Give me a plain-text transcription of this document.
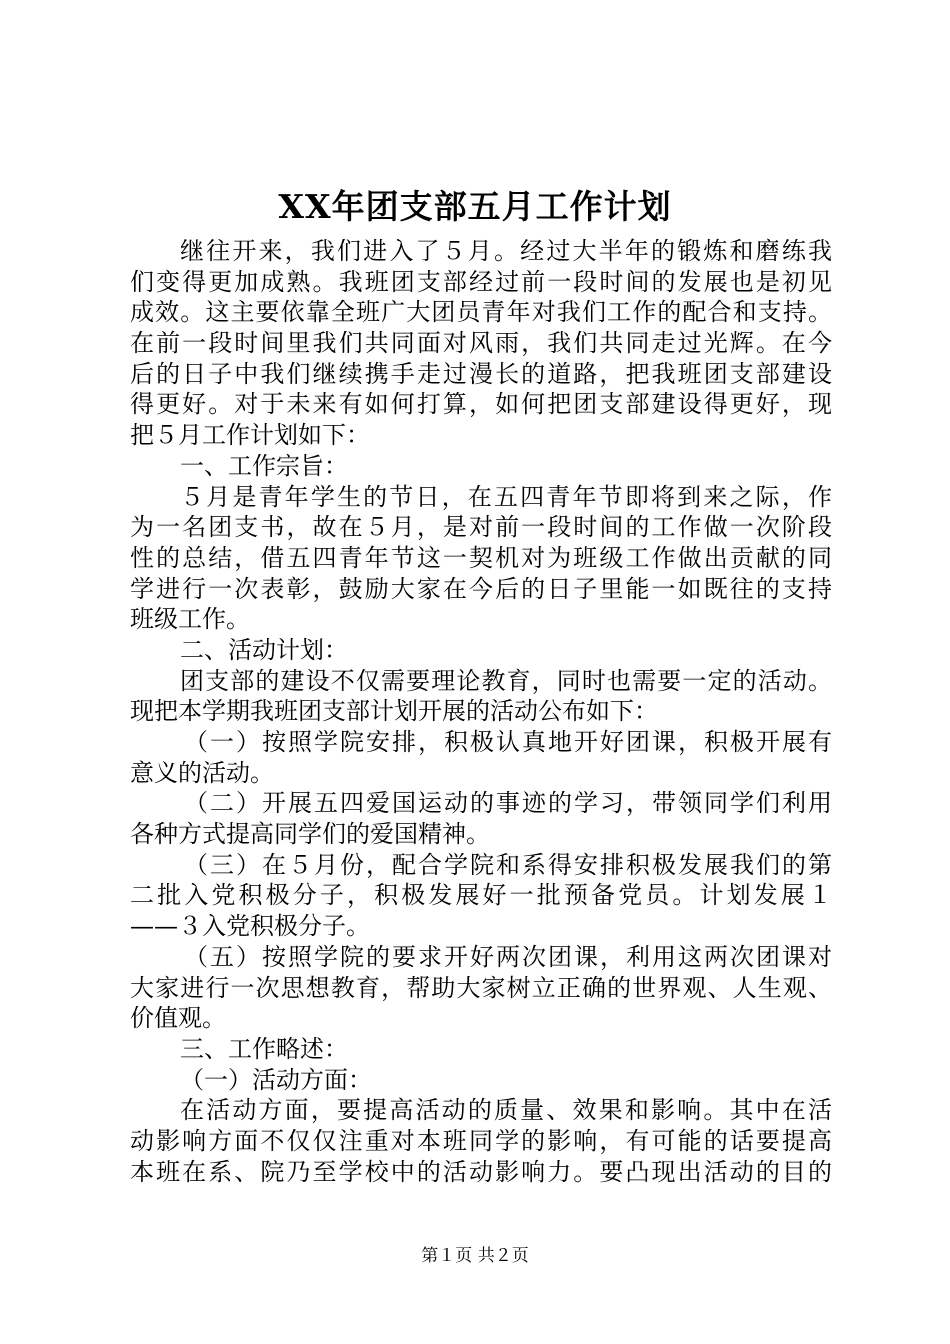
XX年团支部五月工作计划
继往开来，我们进入了５月。经过大半年的锻炼和磨练我
们变得更加成熟。我班团支部经过前一段时间的发展也是初见
成效。这主要依靠全班广大团员青年对我们工作的配合和支持。
在前一段时间里我们共同面对风雨，我们共同走过光辉。在今
后的日子中我们继续携手走过漫长的道路，把我班团支部建设
得更好。对于未来有如何打算，如何把团支部建设得更好，现
把５月工作计划如下：
一、工作宗旨：
５月是青年学生的节日，在五四青年节即将到来之际，作
为一名团支书，故在５月，是对前一段时间的工作做一次阶段
性的总结，借五四青年节这一契机对为班级工作做出贡献的同
学进行一次表彰，鼓励大家在今后的日子里能一如既往的支持
班级工作。
二、活动计划：
团支部的建设不仅需要理论教育，同时也需要一定的活动。
现把本学期我班团支部计划开展的活动公布如下：
（一）按照学院安排，积极认真地开好团课，积极开展有
意义的活动。
（二）开展五四爱国运动的事迹的学习，带领同学们利用
各种方式提高同学们的爱国精神。
（三）在５月份，配合学院和系得安排积极发展我们的第
二批入党积极分子，积极发展好一批预备党员。计划发展１
——３入党积极分子。
（五）按照学院的要求开好两次团课，利用这两次团课对
大家进行一次思想教育，帮助大家树立正确的世界观、人生观、
价值观。
三、工作略述：
（一）活动方面：
在活动方面，要提高活动的质量、效果和影响。其中在活
动影响方面不仅仅注重对本班同学的影响，有可能的话要提高
本班在系、院乃至学校中的活动影响力。要凸现出活动的目的
第１页 共２页
